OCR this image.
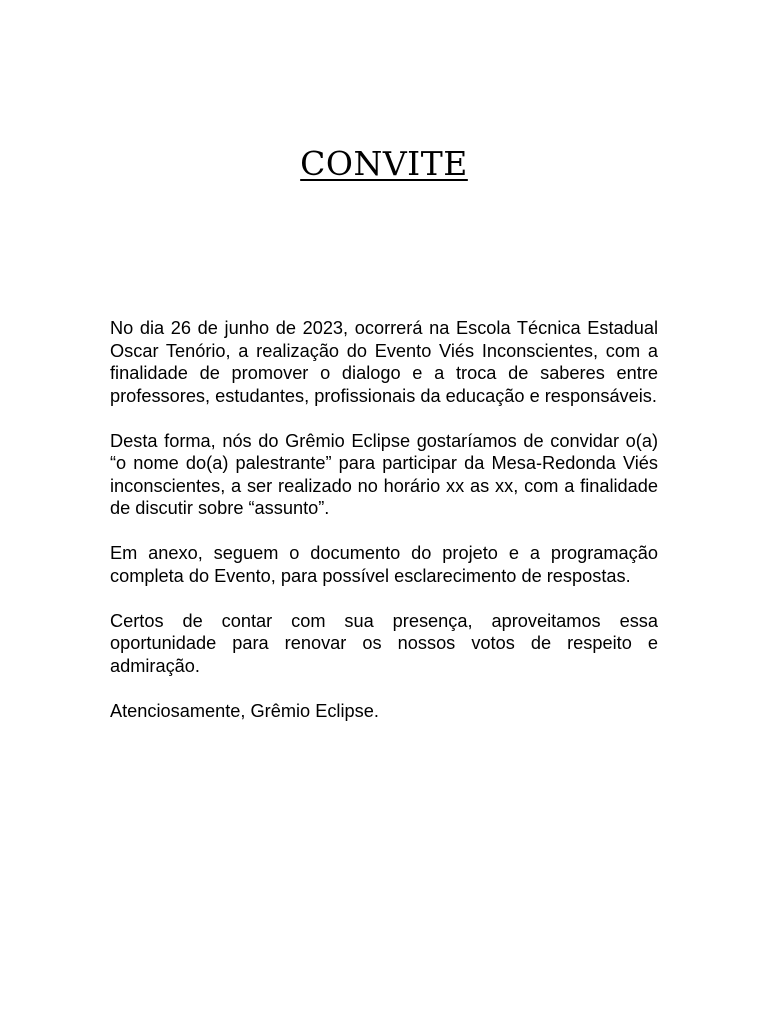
CONVITE

No dia 26 de junho de 2023, ocorrerá na Escola Técnica Estadual Oscar Tenório, a realização do Evento Viés Inconscientes, com a finalidade de promover o dialogo e a troca de saberes entre professores, estudantes, profissionais da educação e responsáveis.

Desta forma, nós do Grêmio Eclipse gostaríamos de convidar o(a) “o nome do(a) palestrante” para participar da Mesa-Redonda Viés inconscientes, a ser realizado no horário xx as xx, com a finalidade de discutir sobre “assunto”.

Em anexo, seguem o documento do projeto e a programação completa do Evento, para possível esclarecimento de respostas.

Certos de contar com sua presença, aproveitamos essa oportunidade para renovar os nossos votos de respeito e admiração.

Atenciosamente, Grêmio Eclipse.
